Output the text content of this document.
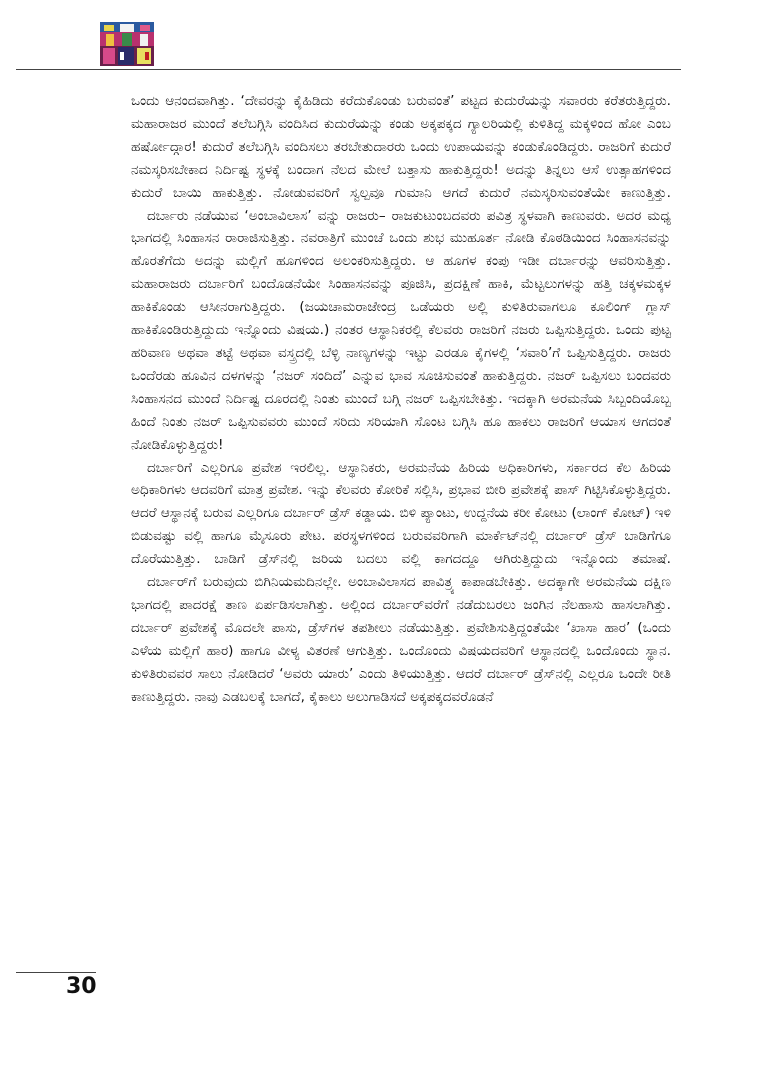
ಒಂದು ಆನಂದವಾಗಿತ್ತು. ‘ದೇವರನ್ನು ಕೈಹಿಡಿದು ಕರೆದುಕೊಂಡು ಬರುವಂತೆ’ ಪಟ್ಟದ ಕುದುರೆಯನ್ನು ಸವಾರರು ಕರೆತರುತ್ತಿದ್ದರು. ಮಹಾರಾಜರ ಮುಂದೆ ತಲೆಬಗ್ಗಿಸಿ ವಂದಿಸಿದ ಕುದುರೆಯನ್ನು ಕಂಡು ಅಕ್ಕಪಕ್ಕದ ಗ್ಯಾಲರಿಯಲ್ಲಿ ಕುಳಿತಿದ್ದ ಮಕ್ಕಳಿಂದ ಹೋ ಎಂಬ ಹರ್ಷೋದ್ಗಾರ! ಕುದುರೆ ತಲೆಬಗ್ಗಿಸಿ ವಂದಿಸಲು ತರಬೇತುದಾರರು ಒಂದು ಉಪಾಯವನ್ನು ಕಂಡುಕೊಂಡಿದ್ದರು. ರಾಜರಿಗೆ ಕುದುರೆ ನಮಸ್ಕರಿಸಬೇಕಾದ ನಿರ್ದಿಷ್ಟ ಸ್ಥಳಕ್ಕೆ ಬಂದಾಗ ನೆಲದ ಮೇಲೆ ಬತ್ತಾಸು ಹಾಕುತ್ತಿದ್ದರು! ಅದನ್ನು ತಿನ್ನಲು ಆಸೆ ಉತ್ಸಾಹಗಳಿಂದ ಕುದುರೆ ಬಾಯಿ ಹಾಕುತ್ತಿತ್ತು. ನೋಡುವವರಿಗೆ ಸ್ವಲ್ಪವೂ ಗುಮಾನಿ ಆಗದೆ ಕುದುರೆ ನಮಸ್ಕರಿಸುವಂತೆಯೇ ಕಾಣುತ್ತಿತ್ತು.

ದರ್ಬಾರು ನಡೆಯುವ ‘ಅಂಬಾವಿಲಾಸ’ ವನ್ನು ರಾಜರು– ರಾಜಕುಟುಂಬದವರು ಪವಿತ್ರ ಸ್ಥಳವಾಗಿ ಕಾಣುವರು. ಅದರ ಮಧ್ಯ ಭಾಗದಲ್ಲಿ ಸಿಂಹಾಸನ ರಾರಾಜಿಸುತ್ತಿತ್ತು. ನವರಾತ್ರಿಗೆ ಮುಂಚೆ ಒಂದು ಶುಭ ಮುಹೂರ್ತ ನೋಡಿ ಕೊಠಡಿಯಿಂದ ಸಿಂಹಾಸನವನ್ನು ಹೊರತೆಗೆದು ಅದನ್ನು ಮಲ್ಲಿಗೆ ಹೂಗಳಿಂದ ಅಲಂಕರಿಸುತ್ತಿದ್ದರು. ಆ ಹೂಗಳ ಕಂಪು ಇಡೀ ದರ್ಬಾರನ್ನು ಆವರಿಸುತ್ತಿತ್ತು. ಮಹಾರಾಜರು ದರ್ಬಾರಿಗೆ ಬಂದೊಡನೆಯೇ ಸಿಂಹಾಸನವನ್ನು ಪೂಜಿಸಿ, ಪ್ರದಕ್ಷಿಣೆ ಹಾಕಿ, ಮೆಟ್ಟಲುಗಳನ್ನು ಹತ್ತಿ ಚಕ್ಕಳಮಕ್ಕಳ ಹಾಕಿಕೊಂಡು ಆಸೀನರಾಗುತ್ತಿದ್ದರು. (ಜಯಚಾಮರಾಜೇಂದ್ರ ಒಡೆಯರು ಅಲ್ಲಿ ಕುಳಿತಿರುವಾಗಲೂ ಕೂಲಿಂಗ್ ಗ್ಲಾಸ್ ಹಾಕಿಕೊಂಡಿರುತ್ತಿದ್ದುದು ಇನ್ನೊಂದು ವಿಷಯ.) ನಂತರ ಆಸ್ಥಾನಿಕರಲ್ಲಿ ಕೆಲವರು ರಾಜರಿಗೆ ನಜರು ಒಪ್ಪಿಸುತ್ತಿದ್ದರು. ಒಂದು ಪುಟ್ಟ ಹರಿವಾಣ ಅಥವಾ ತಟ್ಟೆ ಅಥವಾ ವಸ್ತ್ರದಲ್ಲಿ ಬೆಳ್ಳಿ ನಾಣ್ಯಗಳನ್ನು ಇಟ್ಟು ಎರಡೂ ಕೈಗಳಲ್ಲಿ ‘ಸವಾರಿ’ಗೆ ಒಪ್ಪಿಸುತ್ತಿದ್ದರು. ರಾಜರು ಒಂದೆರಡು ಹೂವಿನ ದಳಗಳನ್ನು ‘ನಜರ್ ಸಂದಿದೆ’ ಎನ್ನುವ ಭಾವ ಸೂಚಿಸುವಂತೆ ಹಾಕುತ್ತಿದ್ದರು. ನಜರ್ ಒಪ್ಪಿಸಲು ಬಂದವರು ಸಿಂಹಾಸನದ ಮುಂದೆ ನಿರ್ದಿಷ್ಟ ದೂರದಲ್ಲಿ ನಿಂತು ಮುಂದೆ ಬಗ್ಗಿ ನಜರ್ ಒಪ್ಪಿಸಬೇಕಿತ್ತು. ಇದಕ್ಕಾಗಿ ಅರಮನೆಯ ಸಿಬ್ಬಂದಿಯೊಬ್ಬ ಹಿಂದೆ ನಿಂತು ನಜರ್ ಒಪ್ಪಿಸುವವರು ಮುಂದೆ ಸರಿದು ಸರಿಯಾಗಿ ಸೊಂಟ ಬಗ್ಗಿಸಿ ಹೂ ಹಾಕಲು ರಾಜರಿಗೆ ಆಯಾಸ ಆಗದಂತೆ ನೋಡಿಕೊಳ್ಳುತ್ತಿದ್ದರು!

ದರ್ಬಾರಿಗೆ ಎಲ್ಲರಿಗೂ ಪ್ರವೇಶ ಇರಲಿಲ್ಲ. ಆಸ್ಥಾನಿಕರು, ಅರಮನೆಯ ಹಿರಿಯ ಅಧಿಕಾರಿಗಳು, ಸರ್ಕಾರದ ಕೆಲ ಹಿರಿಯ ಅಧಿಕಾರಿಗಳು ಆದವರಿಗೆ ಮಾತ್ರ ಪ್ರವೇಶ. ಇನ್ನು ಕೆಲವರು ಕೋರಿಕೆ ಸಲ್ಲಿಸಿ, ಪ್ರಭಾವ ಬೀರಿ ಪ್ರವೇಶಕ್ಕೆ ಪಾಸ್ ಗಿಟ್ಟಿಸಿಕೊಳ್ಳುತ್ತಿದ್ದರು. ಆದರೆ ಆಸ್ಥಾನಕ್ಕೆ ಬರುವ ಎಲ್ಲರಿಗೂ ದರ್ಬಾರ್ ಡ್ರೆಸ್ ಕಡ್ಡಾಯ. ಬಿಳಿ ಪ್ಯಾಂಟು, ಉದ್ದನೆಯ ಕರೀ ಕೋಟು (ಲಾಂಗ್ ಕೋಟ್) ಇಳಿ ಬಿಡುವಷ್ಟು ವಲ್ಲಿ ಹಾಗೂ ಮೈಸೂರು ಪೇಟ. ಪರಸ್ಥಳಗಳಿಂದ ಬರುವವರಿಗಾಗಿ ಮಾರ್ಕೆಟ್‌ನಲ್ಲಿ ದರ್ಬಾರ್ ಡ್ರೆಸ್ ಬಾಡಿಗೆಗೂ ದೊರೆಯುತ್ತಿತ್ತು. ಬಾಡಿಗೆ ಡ್ರೆಸ್‌ನಲ್ಲಿ ಜರಿಯ ಬದಲು ವಲ್ಲಿ ಕಾಗದದ್ದೂ ಆಗಿರುತ್ತಿದ್ದುದು ಇನ್ನೊಂದು ತಮಾಷೆ.

ದರ್ಬಾರ್‌ಗೆ ಬರುವುದು ಬಿಗಿನಿಯಮದಿನಲ್ಲೇ. ಅಂಬಾವಿಲಾಸದ ಪಾವಿತ್ರ್ಯ ಕಾಪಾಡಬೇಕಿತ್ತು. ಅದಕ್ಕಾಗೇ ಅರಮನೆಯ ದಕ್ಷಿಣ ಭಾಗದಲ್ಲಿ ಪಾದರಕ್ಷೆ ತಾಣ ಏರ್ಪಡಿಸಲಾಗಿತ್ತು. ಅಲ್ಲಿಂದ ದರ್ಬಾರ್‌ವರೆಗೆ ನಡೆದುಬರಲು ಜಂಗಿನ ನೆಲಹಾಸು ಹಾಸಲಾಗಿತ್ತು. ದರ್ಬಾರ್ ಪ್ರವೇಶಕ್ಕೆ ಮೊದಲೇ ಪಾಸು, ಡ್ರೆಸ್‌ಗಳ ತಪಶೀಲು ನಡೆಯುತ್ತಿತ್ತು. ಪ್ರವೇಶಿಸುತ್ತಿದ್ದಂತೆಯೇ ‘ಖಾಸಾ ಹಾರ’ (ಒಂದು ಎಳೆಯ ಮಲ್ಲಿಗೆ ಹಾರ) ಹಾಗೂ ವೀಳ್ಯ ವಿತರಣೆ ಆಗುತ್ತಿತ್ತು. ಒಂದೊಂದು ವಿಷಯದವರಿಗೆ ಆಸ್ಥಾನದಲ್ಲಿ ಒಂದೊಂದು ಸ್ಥಾನ. ಕುಳಿತಿರುವವರ ಸಾಲು ನೋಡಿದರೆ ‘ಅವರು ಯಾರು’ ಎಂದು ತಿಳಿಯುತ್ತಿತ್ತು. ಆದರೆ ದರ್ಬಾರ್ ಡ್ರೆಸ್‌ನಲ್ಲಿ ಎಲ್ಲರೂ ಒಂದೇ ರೀತಿ ಕಾಣುತ್ತಿದ್ದರು. ನಾವು ಎಡಬಲಕ್ಕೆ ಬಾಗದೆ, ಕೈಕಾಲು ಅಲುಗಾಡಿಸದೆ ಅಕ್ಕಪಕ್ಕದವರೊಡನೆ

30
